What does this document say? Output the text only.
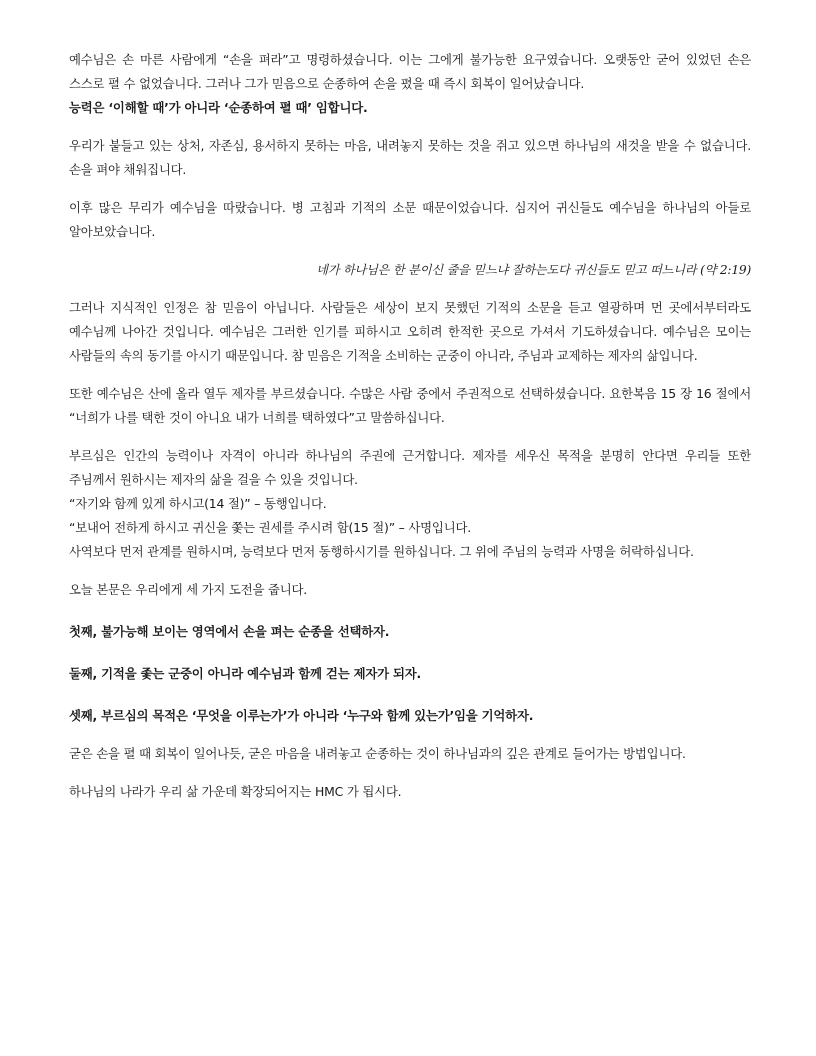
예수님은 손 마른 사람에게 “손을 펴라”고 명령하셨습니다. 이는 그에게 불가능한 요구였습니다. 오랫동안 굳어 있었던 손은 스스로 펼 수 없었습니다. 그러나 그가 믿음으로 순종하여 손을 폈을 때 즉시 회복이 일어났습니다.
능력은 ‘이해할 때’가 아니라 ‘순종하여 펼 때’ 임합니다.

우리가 붙들고 있는 상처, 자존심, 용서하지 못하는 마음, 내려놓지 못하는 것을 쥐고 있으면 하나님의 새것을 받을 수 없습니다. 손을 펴야 채워집니다.

이후 많은 무리가 예수님을 따랐습니다. 병 고침과 기적의 소문 때문이었습니다. 심지어 귀신들도 예수님을 하나님의 아들로 알아보았습니다.

네가 하나님은 한 분이신 줄을 믿느냐 잘하는도다 귀신들도 믿고 떠느니라 (약 2:19)

그러나 지식적인 인정은 참 믿음이 아닙니다. 사람들은 세상이 보지 못했던 기적의 소문을 듣고 열광하며 먼 곳에서부터라도 예수님께 나아간 것입니다. 예수님은 그러한 인기를 피하시고 오히려 한적한 곳으로 가셔서 기도하셨습니다. 예수님은 모이는 사람들의 속의 동기를 아시기 때문입니다. 참 믿음은 기적을 소비하는 군중이 아니라, 주님과 교제하는 제자의 삶입니다.

또한 예수님은 산에 올라 열두 제자를 부르셨습니다. 수많은 사람 중에서 주권적으로 선택하셨습니다. 요한복음 15 장 16 절에서 “너희가 나를 택한 것이 아니요 내가 너희를 택하였다”고 말씀하십니다.

부르심은 인간의 능력이나 자격이 아니라 하나님의 주권에 근거합니다. 제자를 세우신 목적을 분명히 안다면 우리들 또한 주님께서 원하시는 제자의 삶을 걸을 수 있을 것입니다.
“자기와 함께 있게 하시고(14 절)” – 동행입니다.
“보내어 전하게 하시고 귀신을 쫓는 권세를 주시려 함(15 절)” – 사명입니다.
사역보다 먼저 관계를 원하시며, 능력보다 먼저 동행하시기를 원하십니다. 그 위에 주님의 능력과 사명을 허락하십니다.

오늘 본문은 우리에게 세 가지 도전을 줍니다.

첫째, 불가능해 보이는 영역에서 손을 펴는 순종을 선택하자.

둘째, 기적을 좇는 군중이 아니라 예수님과 함께 걷는 제자가 되자.

셋째, 부르심의 목적은 ‘무엇을 이루는가’가 아니라 ‘누구와 함께 있는가’임을 기억하자.

굳은 손을 펼 때 회복이 일어나듯, 굳은 마음을 내려놓고 순종하는 것이 하나님과의 깊은 관계로 들어가는 방법입니다.

하나님의 나라가 우리 삶 가운데 확장되어지는 HMC 가 됩시다.
